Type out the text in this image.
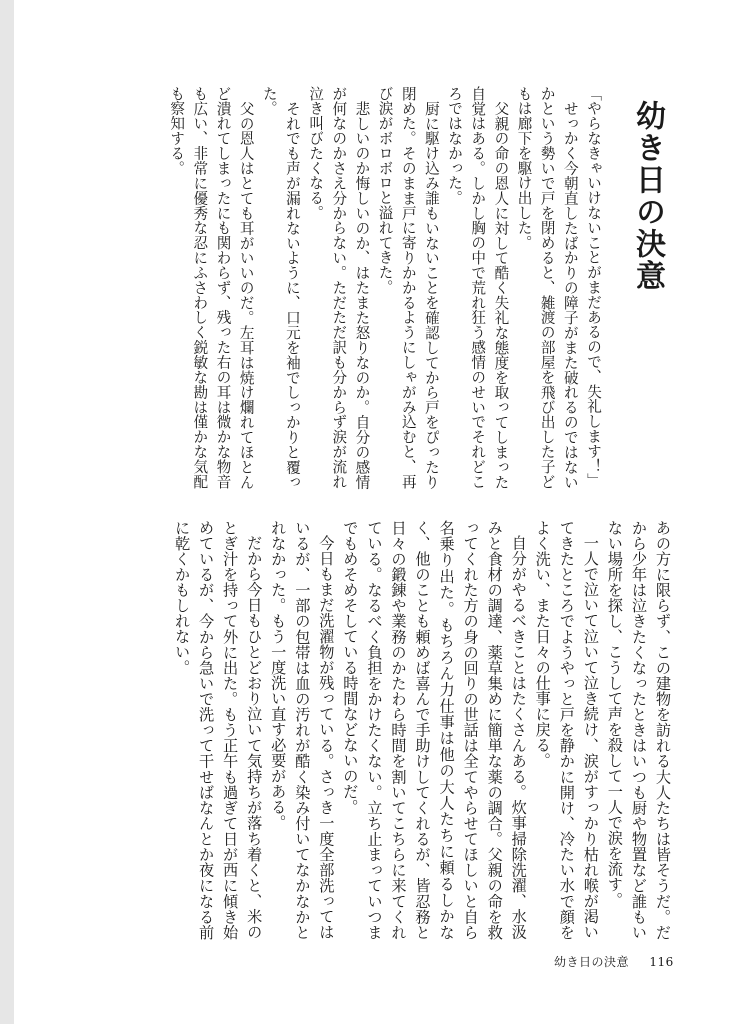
幼き日の決意

「やらなきゃいけないことがまだあるので、失礼します！」

せっかく今朝直したばかりの障子がまた破れるのではないかという勢いで戸を閉めると、雑渡の部屋を飛び出した子どもは廊下を駆け出した。

父親の命の恩人に対して酷く失礼な態度を取ってしまった自覚はある。しかし胸の中で荒れ狂う感情のせいでそれどころではなかった。

厨に駆け込み誰もいないことを確認してから戸をぴったり閉めた。そのまま戸に寄りかかるようにしゃがみ込むと、再び涙がボロボロと溢れてきた。

悲しいのか悔しいのか、はたまた怒りなのか。自分の感情が何なのかさえ分からない。ただただ訳も分からず涙が流れ泣き叫びたくなる。

それでも声が漏れないように、口元を袖でしっかりと覆った。

父の恩人はとても耳がいいのだ。左耳は焼け爛れてほとんど潰れてしまったにも関わらず、残った右の耳は微かな物音も広い、非常に優秀な忍にふさわしく鋭敏な勘は僅かな気配も察知する。

あの方に限らず、この建物を訪れる大人たちは皆そうだ。だから少年は泣きたくなったときはいつも厨や物置など誰もいない場所を探し、こうして声を殺して一人で涙を流す。

一人で泣いて泣いて泣き続け、涙がすっかり枯れ喉が渇いてきたところでようやっと戸を静かに開け、冷たい水で顔をよく洗い、また日々の仕事に戻る。

自分がやるべきことはたくさんある。炊事掃除洗濯、水汲みと食材の調達、薬草集めに簡単な薬の調合。父親の命を救ってくれた方の身の回りの世話は全てやらせてほしいと自ら名乗り出た。もちろん力仕事は他の大人たちに頼るしかなく、他のことも頼めば喜んで手助けしてくれるが、皆忍務と日々の鍛錬や業務のかたわら時間を割いてこちらに来てくれている。なるべく負担をかけたくない。立ち止まっていつまでもめそめそしている時間などないのだ。

今日もまだ洗濯物が残っている。さっき一度全部洗ってはいるが、一部の包帯は血の汚れが酷く染み付いてなかなかとれなかった。もう一度洗い直す必要がある。

だから今日もひとどおり泣いて気持ちが落ち着くと、米のとぎ汁を持って外に出た。もう正午も過ぎて日が西に傾き始めているが、今から急いで洗って干せばなんとか夜になる前に乾くかもしれない。

幼き日の決意 116
